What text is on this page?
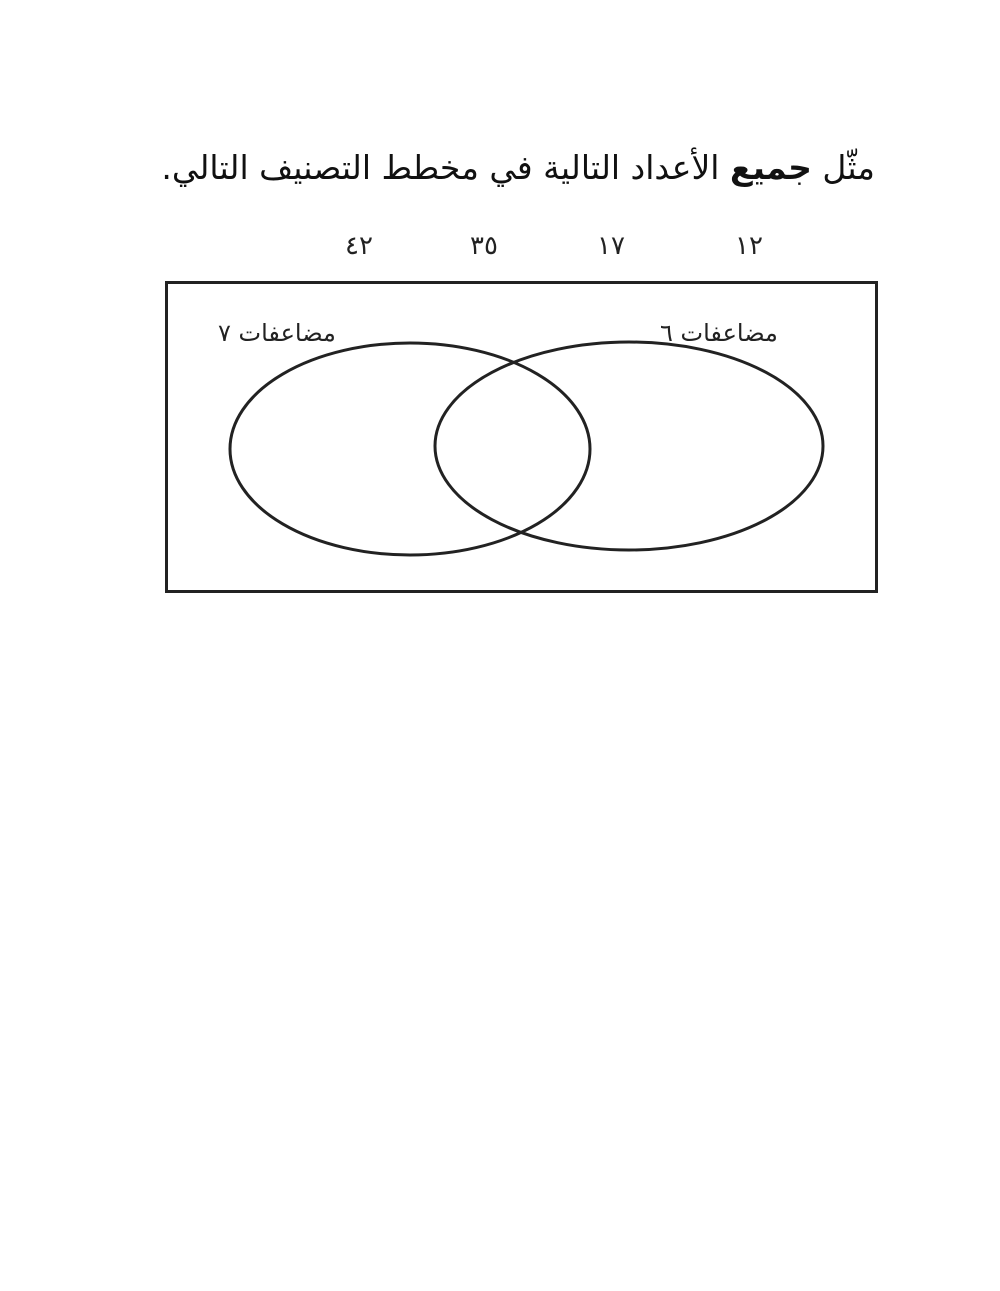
مثّل جميع الأعداد التالية في مخطط التصنيف التالي.
١٢
١٧
٣٥
٤٢
مضاعفات ٧	مضاعفات ٦
